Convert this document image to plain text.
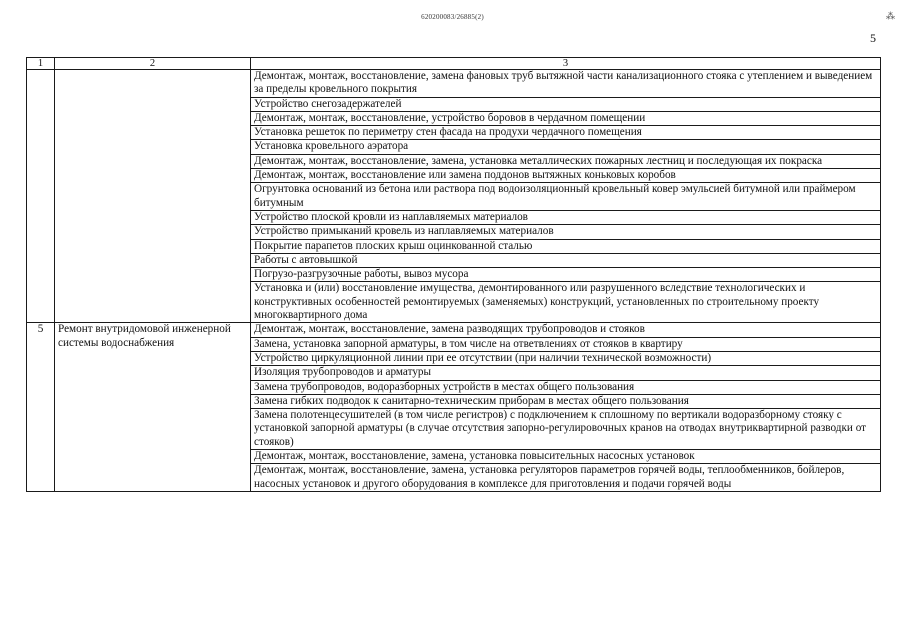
620200083/26885(2)	⁂
5
1	2	3
		Демонтаж, монтаж, восстановление, замена фановых труб вытяжной части канализационного стояка с утеплением и выведением за пределы кровельного покрытия
		Устройство снегозадержателей
		Демонтаж, монтаж, восстановление, устройство боровов в чердачном помещении
		Установка решеток по периметру стен фасада на продухи чердачного помещения
		Установка кровельного аэратора
		Демонтаж, монтаж, восстановление, замена, установка металлических пожарных лестниц и последующая их покраска
		Демонтаж, монтаж, восстановление или замена поддонов вытяжных коньковых коробов
		Огрунтовка оснований из бетона или раствора под водоизоляционный кровельный ковер эмульсией битумной или праймером битумным
		Устройство плоской кровли из наплавляемых материалов
		Устройство примыканий кровель из наплавляемых материалов
		Покрытие парапетов плоских крыш оцинкованной сталью
		Работы с автовышкой
		Погрузо-разгрузочные работы, вывоз мусора
		Установка и (или) восстановление имущества, демонтированного или разрушенного вследствие технологических и конструктивных особенностей ремонтируемых (заменяемых) конструкций, установленных по строительному проекту многоквартирного дома
5	Ремонт внутридомовой инженерной системы водоснабжения	Демонтаж, монтаж, восстановление, замена разводящих трубопроводов и стояков
		Замена, установка запорной арматуры, в том числе на ответвлениях от стояков в квартиру
		Устройство циркуляционной линии при ее отсутствии (при наличии технической возможности)
		Изоляция трубопроводов и арматуры
		Замена трубопроводов, водоразборных устройств в местах общего пользования
		Замена гибких подводок к санитарно-техническим приборам в местах общего пользования
		Замена полотенцесушителей (в том числе регистров) с подключением к сплошному по вертикали водоразборному стояку с установкой запорной арматуры (в случае отсутствия запорно-регулировочных кранов на отводах внутриквартирной разводки от стояков)
		Демонтаж, монтаж, восстановление, замена, установка повысительных насосных установок
		Демонтаж, монтаж, восстановление, замена, установка регуляторов параметров горячей воды, теплообменников, бойлеров, насосных установок и другого оборудования в комплексе для приготовления и подачи горячей воды
